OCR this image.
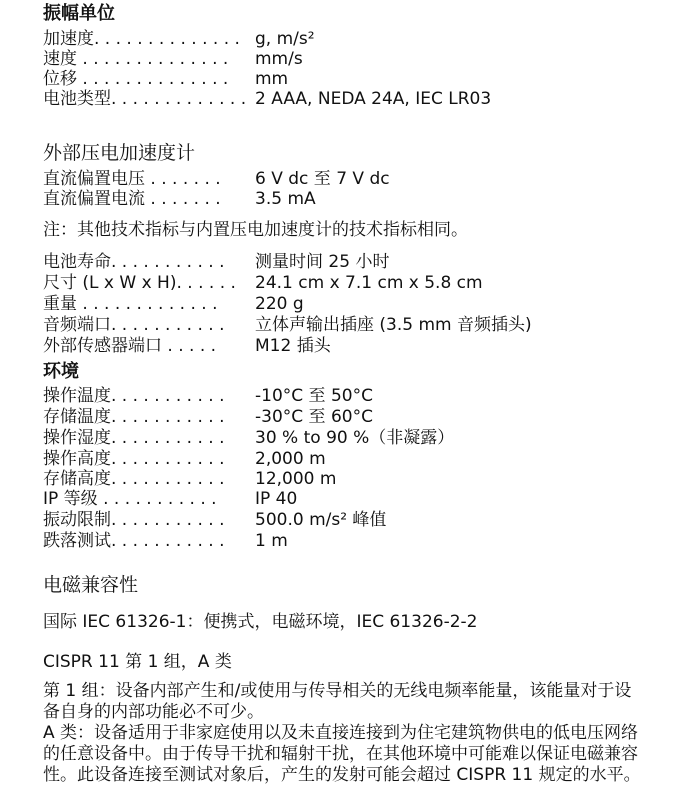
振幅单位
加速度. . . . . . . . . . . . . . g, m/s²
速度 . . . . . . . . . . . . . . mm/s
位移 . . . . . . . . . . . . . . mm
电池类型. . . . . . . . . . . . . 2 AAA, NEDA 24A, IEC LR03
外部压电加速度计
直流偏置电压 . . . . . . . 6 V dc 至 7 V dc
直流偏置电流 . . . . . . . 3.5 mA
注：其他技术指标与内置压电加速度计的技术指标相同。
电池寿命. . . . . . . . . . . 测量时间 25 小时
尺寸 (L x W x H). . . . . . 24.1 cm x 7.1 cm x 5.8 cm
重量 . . . . . . . . . . . . . 220 g
音频端口. . . . . . . . . . . 立体声输出插座 (3.5 mm 音频插头)
外部传感器端口 . . . . . M12 插头
环境
操作温度. . . . . . . . . . . -10°C 至 50°C
存储温度. . . . . . . . . . . -30°C 至 60°C
操作湿度. . . . . . . . . . . 30 % to 90 %（非凝露）
操作高度. . . . . . . . . . . 2,000 m
存储高度. . . . . . . . . . . 12,000 m
IP 等级 . . . . . . . . . . . IP 40
振动限制. . . . . . . . . . . 500.0 m/s² 峰值
跌落测试. . . . . . . . . . . 1 m
电磁兼容性
国际 IEC 61326-1：便携式，电磁环境，IEC 61326-2-2
CISPR 11 第 1 组，A 类
第 1 组：设备内部产生和/或使用与传导相关的无线电频率能量，该能量对于设备自身的内部功能必不可少。
A 类：设备适用于非家庭使用以及未直接连接到为住宅建筑物供电的低电压网络的任意设备中。由于传导干扰和辐射干扰，在其他环境中可能难以保证电磁兼容性。此设备连接至测试对象后，产生的发射可能会超过 CISPR 11 规定的水平。
